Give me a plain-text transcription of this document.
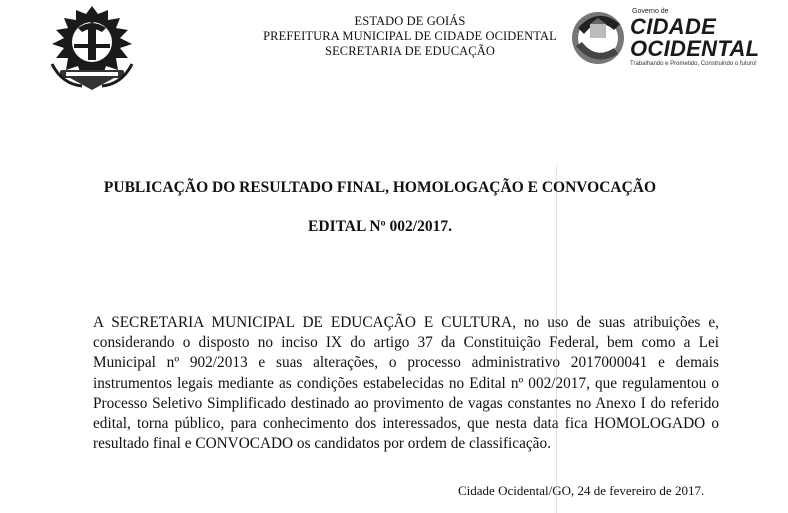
ESTADO DE GOIÁS
PREFEITURA MUNICIPAL DE CIDADE OCIDENTAL
SECRETARIA DE EDUCAÇÃO
Governo de
CIDADE
OCIDENTAL
Trabalhando e Prometido, Construindo o futuro!
PUBLICAÇÃO DO RESULTADO FINAL, HOMOLOGAÇÃO E CONVOCAÇÃO
EDITAL Nº 002/2017.
A SECRETARIA MUNICIPAL DE EDUCAÇÃO E CULTURA, no uso de suas atribuições e, considerando o disposto no inciso IX do artigo 37 da Constituição Federal, bem como a Lei Municipal nº 902/2013 e suas alterações, o processo administrativo 2017000041 e demais instrumentos legais mediante as condições estabelecidas no Edital nº 002/2017, que regulamentou o Processo Seletivo Simplificado destinado ao provimento de vagas constantes no Anexo I do referido edital, torna público, para conhecimento dos interessados, que nesta data fica HOMOLOGADO o resultado final e CONVOCADO os candidatos por ordem de classificação.
Cidade Ocidental/GO, 24 de fevereiro de 2017.
